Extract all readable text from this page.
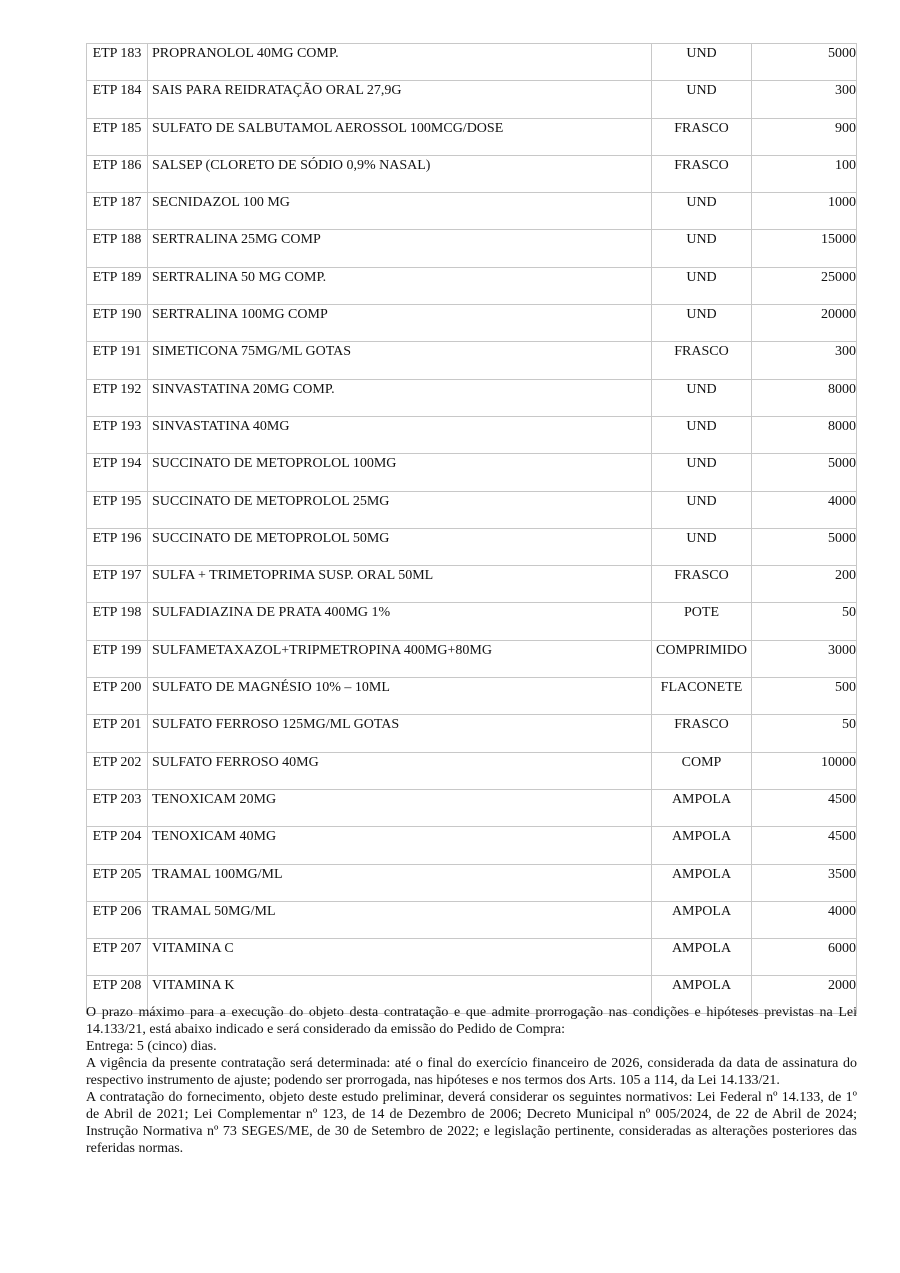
ETP 183	PROPRANOLOL 40MG COMP.	UND	5000
ETP 184	SAIS PARA REIDRATAÇÃO ORAL 27,9G	UND	300
ETP 185	SULFATO DE SALBUTAMOL AEROSSOL 100MCG/DOSE	FRASCO	900
ETP 186	SALSEP (CLORETO DE SÓDIO 0,9% NASAL)	FRASCO	100
ETP 187	SECNIDAZOL 100 MG	UND	1000
ETP 188	SERTRALINA 25MG COMP	UND	15000
ETP 189	SERTRALINA 50 MG COMP.	UND	25000
ETP 190	SERTRALINA 100MG COMP	UND	20000
ETP 191	SIMETICONA 75MG/ML GOTAS	FRASCO	300
ETP 192	SINVASTATINA 20MG COMP.	UND	8000
ETP 193	SINVASTATINA 40MG	UND	8000
ETP 194	SUCCINATO DE METOPROLOL 100MG	UND	5000
ETP 195	SUCCINATO DE METOPROLOL 25MG	UND	4000
ETP 196	SUCCINATO DE METOPROLOL 50MG	UND	5000
ETP 197	SULFA + TRIMETOPRIMA SUSP. ORAL 50ML	FRASCO	200
ETP 198	SULFADIAZINA DE PRATA 400MG 1%	POTE	50
ETP 199	SULFAMETAXAZOL+TRIPMETROPINA 400MG+80MG	COMPRIMIDO	3000
ETP 200	SULFATO DE MAGNÉSIO 10% – 10ML	FLACONETE	500
ETP 201	SULFATO FERROSO 125MG/ML GOTAS	FRASCO	50
ETP 202	SULFATO FERROSO 40MG	COMP	10000
ETP 203	TENOXICAM 20MG	AMPOLA	4500
ETP 204	TENOXICAM 40MG	AMPOLA	4500
ETP 205	TRAMAL 100MG/ML	AMPOLA	3500
ETP 206	TRAMAL 50MG/ML	AMPOLA	4000
ETP 207	VITAMINA C	AMPOLA	6000
ETP 208	VITAMINA K	AMPOLA	2000

O prazo máximo para a execução do objeto desta contratação e que admite prorrogação nas condições e hipóteses previstas na Lei 14.133/21, está abaixo indicado e será considerado da emissão do Pedido de Compra:

Entrega: 5 (cinco) dias.

A vigência da presente contratação será determinada: até o final do exercício financeiro de 2026, considerada da data de assinatura do respectivo instrumento de ajuste; podendo ser prorrogada, nas hipóteses e nos termos dos Arts. 105 a 114, da Lei 14.133/21.

A contratação do fornecimento, objeto deste estudo preliminar, deverá considerar os seguintes normativos: Lei Federal nº 14.133, de 1º de Abril de 2021; Lei Complementar nº 123, de 14 de Dezembro de 2006; Decreto Municipal nº 005/2024, de 22 de Abril de 2024; Instrução Normativa nº 73 SEGES/ME, de 30 de Setembro de 2022; e legislação pertinente, consideradas as alterações posteriores das referidas normas.
